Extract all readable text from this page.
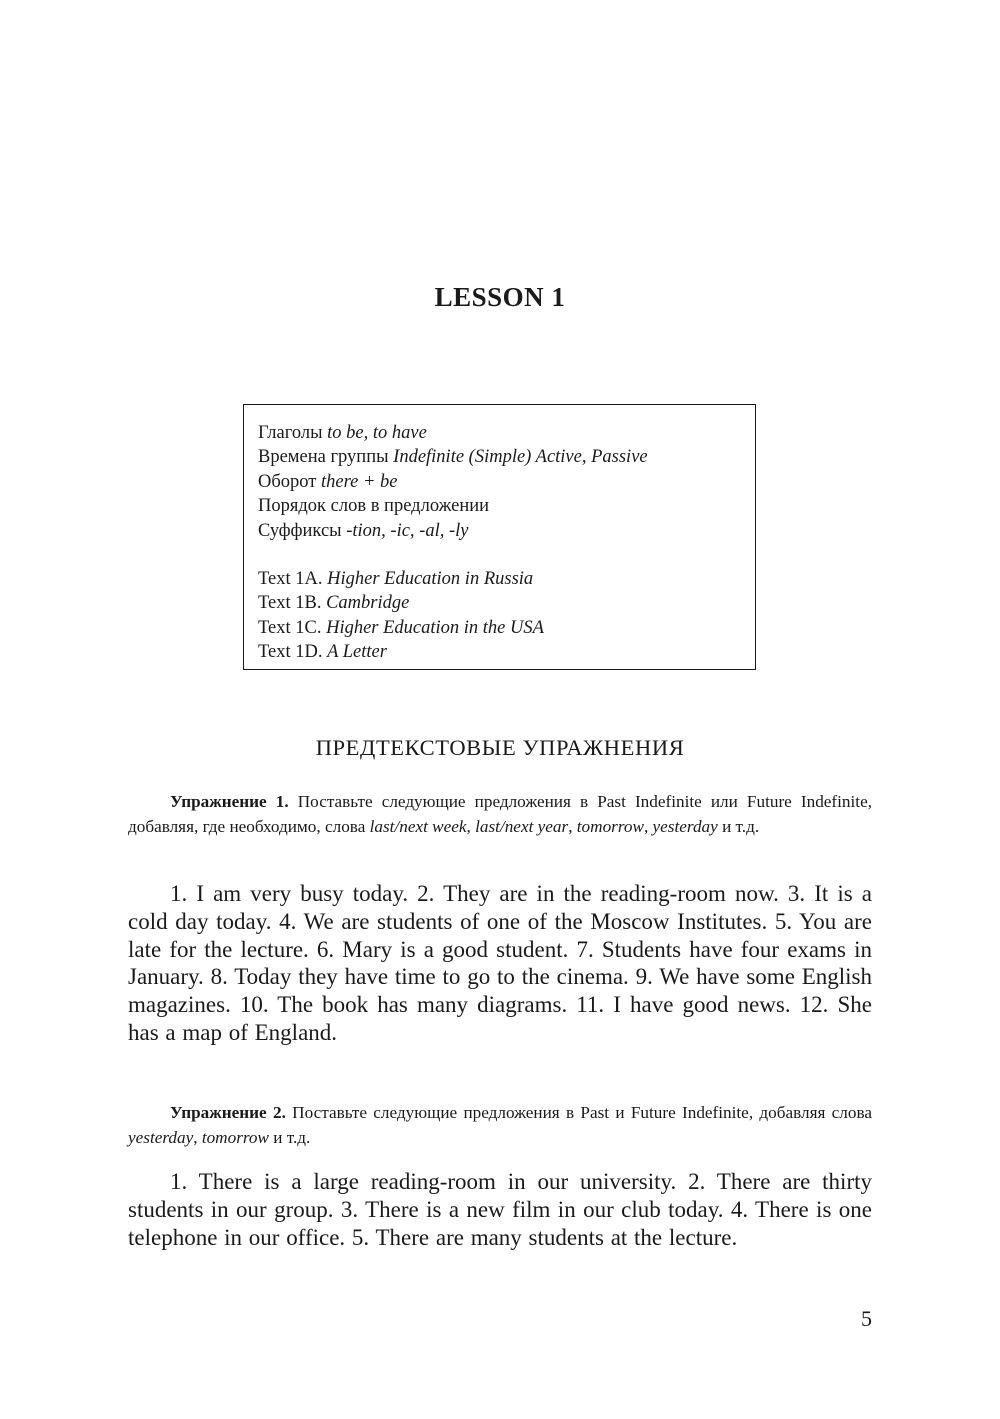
LESSON 1
Глаголы to be, to have
Времена группы Indefinite (Simple) Active, Passive
Оборот there + be
Порядок слов в предложении
Суффиксы -tion, -ic, -al, -ly
Text 1A. Higher Education in Russia
Text 1B. Cambridge
Text 1C. Higher Education in the USA
Text 1D. A Letter
ПРЕДТЕКСТОВЫЕ УПРАЖНЕНИЯ
Упражнение 1. Поставьте следующие предложения в Past Indefinite или Future Indefinite, добавляя, где необходимо, слова last/next week, last/next year, tomorrow, yesterday и т.д.
1. I am very busy today. 2. They are in the reading-room now. 3. It is a cold day today. 4. We are students of one of the Moscow Institutes. 5. You are late for the lecture. 6. Mary is a good student. 7. Students have four exams in January. 8. Today they have time to go to the cinema. 9. We have some English magazines. 10. The book has many diagrams. 11. I have good news. 12. She has a map of England.
Упражнение 2. Поставьте следующие предложения в Past и Future Indefinite, добавляя слова yesterday, tomorrow и т.д.
1. There is a large reading-room in our university. 2. There are thirty students in our group. 3. There is a new film in our club today. 4. There is one telephone in our office. 5. There are many students at the lecture.
5
